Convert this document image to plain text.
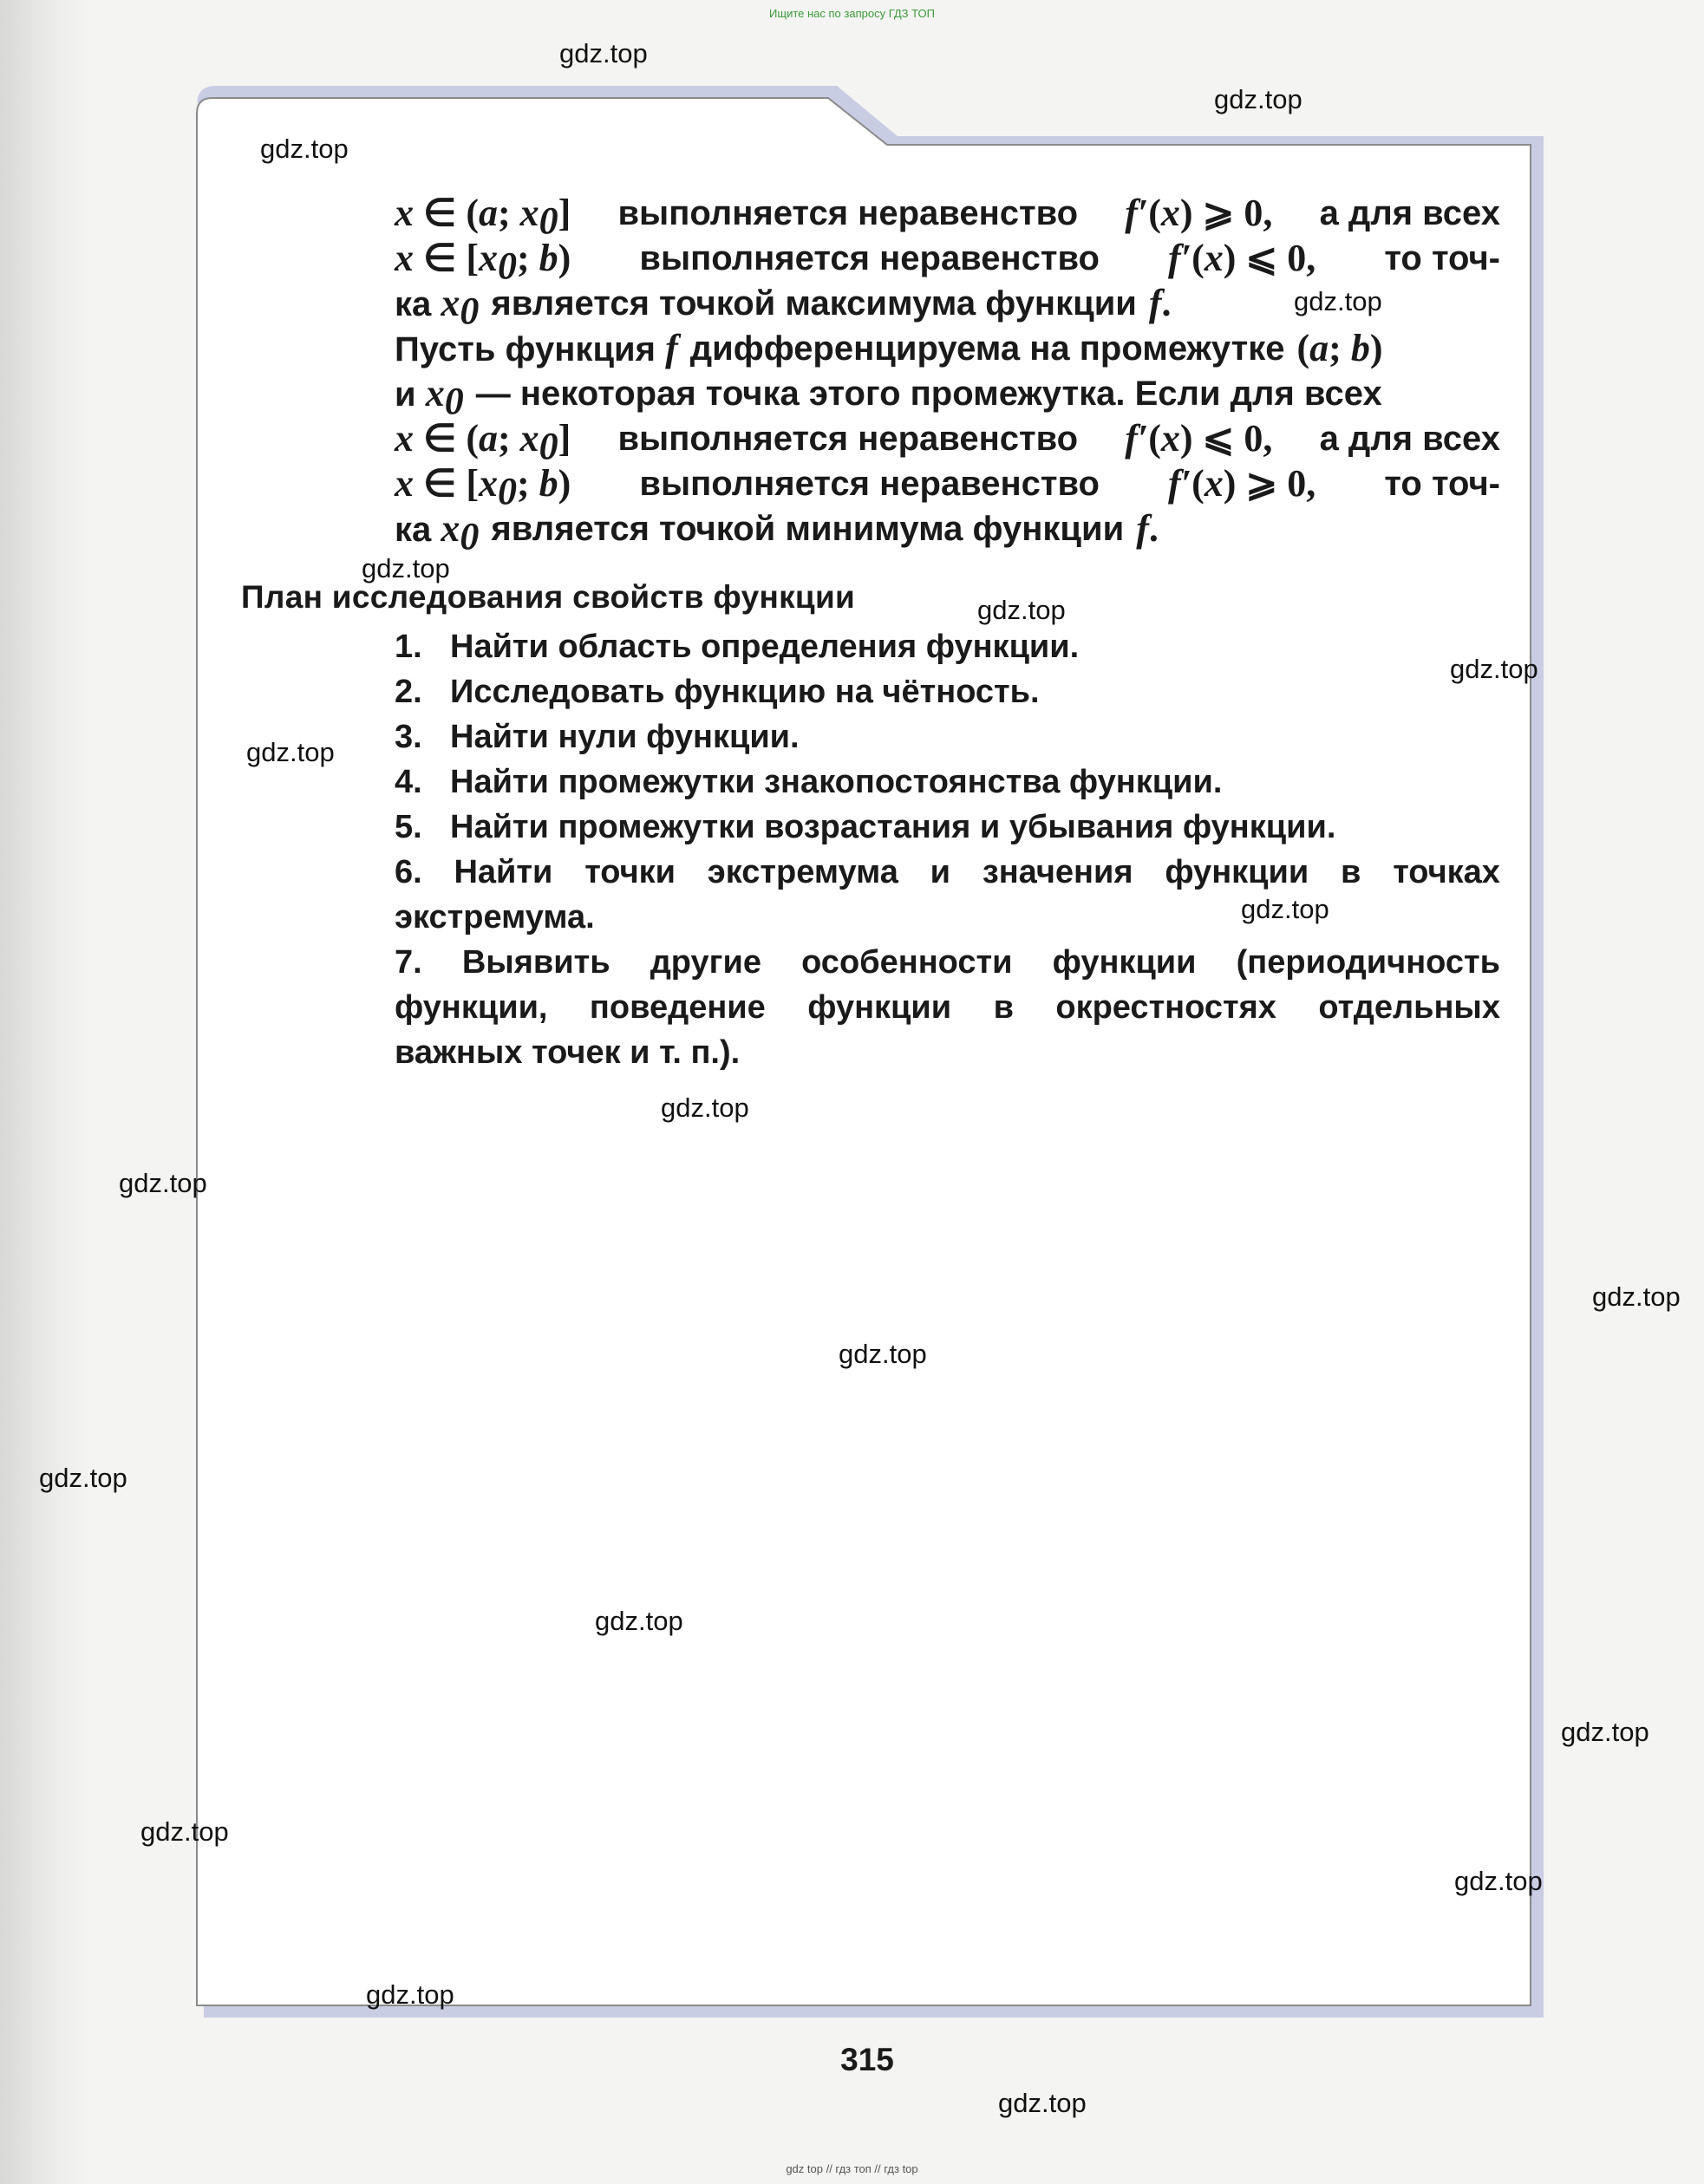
Ищите нас по запросу ГДЗ ТОП
x ∈ (a; $x_0$] выполняется неравенство f′(x) ⩾ 0, а для всех
x ∈ [$x_0$; b) выполняется неравенство f′(x) ⩽ 0, то точ-
ка $x_0$ является точкой максимума функции f.
Пусть функция f дифференцируема на промежутке (a; b)
и $x_0$ — некоторая точка этого промежутка. Если для всех
x ∈ (a; $x_0$] выполняется неравенство f′(x) ⩽ 0, а для всех
x ∈ [$x_0$; b) выполняется неравенство f′(x) ⩾ 0, то точ-
ка $x_0$ является точкой минимума функции f.
План исследования свойств функции
1. Найти область определения функции.
2. Исследовать функцию на чётность.
3. Найти нули функции.
4. Найти промежутки знакопостоянства функции.
5. Найти промежутки возрастания и убывания функции.
6. Найти точки экстремума и значения функции в точках
экстремума.
7. Выявить другие особенности функции (периодичность
функции, поведение функции в окрестностях отдельных
важных точек и т. п.).
315
gdz top // гдз топ // гдз top
gdz.top
gdz.top
gdz.top
gdz.top
gdz.top
gdz.top
gdz.top
gdz.top
gdz.top
gdz.top
gdz.top
gdz.top
gdz.top
gdz.top
gdz.top
gdz.top
gdz.top
gdz.top
gdz.top
gdz.top
